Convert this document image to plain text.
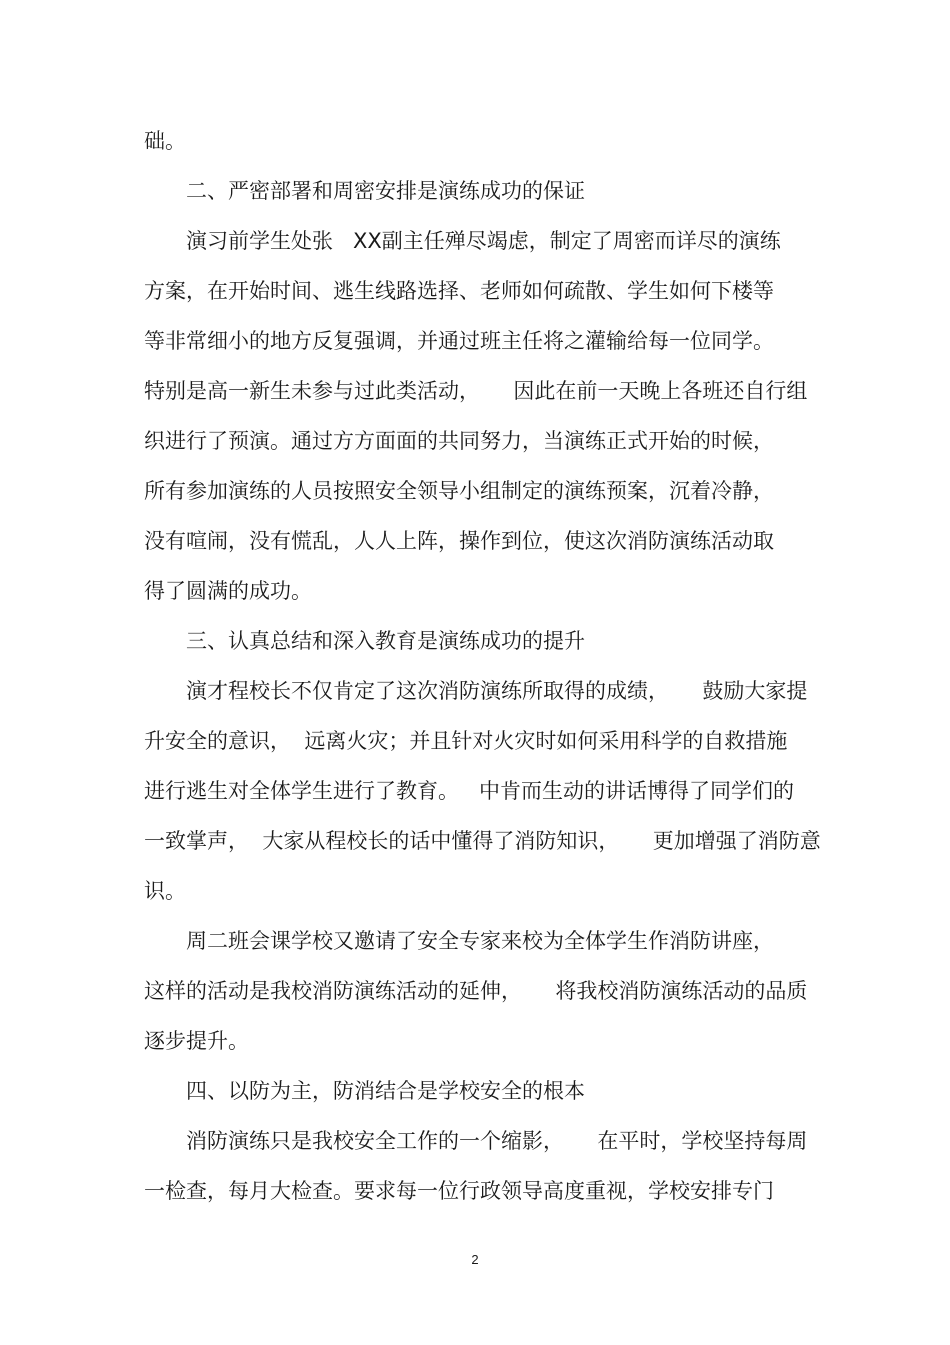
础。

二、严密部署和周密安排是演练成功的保证

演习前学生处张   XX副主任殚尽竭虑，制定了周密而详尽的演练

方案，在开始时间、逃生线路选择、老师如何疏散、学生如何下楼等

等非常细小的地方反复强调，并通过班主任将之灌输给每一位同学。

特别是高一新生未参与过此类活动，     因此在前一天晚上各班还自行组

织进行了预演。通过方方面面的共同努力，当演练正式开始的时候，

所有参加演练的人员按照安全领导小组制定的演练预案，沉着冷静，

没有喧闹，没有慌乱，人人上阵，操作到位，使这次消防演练活动取

得了圆满的成功。

三、认真总结和深入教育是演练成功的提升

演才程校长不仅肯定了这次消防演练所取得的成绩，     鼓励大家提

升安全的意识，  远离火灾；并且针对火灾时如何采用科学的自救措施

进行逃生对全体学生进行了教育。   中肯而生动的讲话博得了同学们的

一致掌声，  大家从程校长的话中懂得了消防知识，     更加增强了消防意

识。

周二班会课学校又邀请了安全专家来校为全体学生作消防讲座，

这样的活动是我校消防演练活动的延伸，     将我校消防演练活动的品质

逐步提升。

四、以防为主，防消结合是学校安全的根本

消防演练只是我校安全工作的一个缩影，     在平时，学校坚持每周

一检查，每月大检查。要求每一位行政领导高度重视，学校安排专门

2
